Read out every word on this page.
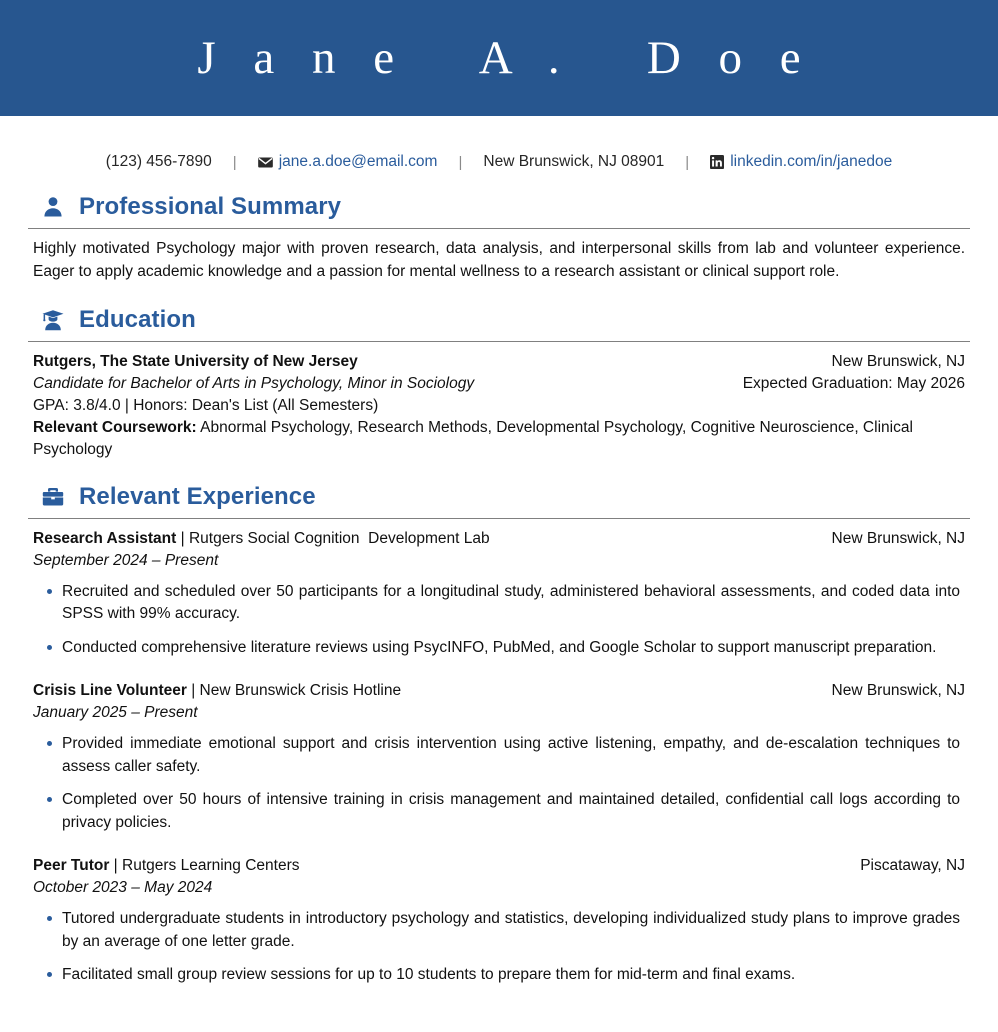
J a n e   A .   D o e
(123) 456-7890	|	jane.a.doe@email.com	|	New Brunswick, NJ 08901	|	linkedin.com/in/janedoe
Professional Summary
Highly motivated Psychology major with proven research, data analysis, and interpersonal skills from lab and volunteer experience. Eager to apply academic knowledge and a passion for mental wellness to a research assistant or clinical support role.
Education
Rutgers, The State University of New Jersey	New Brunswick, NJ
Candidate for Bachelor of Arts in Psychology, Minor in Sociology	Expected Graduation: May 2026
GPA: 3.8/4.0 | Honors: Dean's List (All Semesters)
Relevant Coursework: Abnormal Psychology, Research Methods, Developmental Psychology, Cognitive Neuroscience, Clinical Psychology
Relevant Experience
Research Assistant | Rutgers Social Cognition  Development Lab	New Brunswick, NJ
September 2024 – Present
Recruited and scheduled over 50 participants for a longitudinal study, administered behavioral assessments, and coded data into SPSS with 99% accuracy.
Conducted comprehensive literature reviews using PsycINFO, PubMed, and Google Scholar to support manuscript preparation.
Crisis Line Volunteer | New Brunswick Crisis Hotline	New Brunswick, NJ
January 2025 – Present
Provided immediate emotional support and crisis intervention using active listening, empathy, and de-escalation techniques to assess caller safety.
Completed over 50 hours of intensive training in crisis management and maintained detailed, confidential call logs according to privacy policies.
Peer Tutor | Rutgers Learning Centers	Piscataway, NJ
October 2023 – May 2024
Tutored undergraduate students in introductory psychology and statistics, developing individualized study plans to improve grades by an average of one letter grade.
Facilitated small group review sessions for up to 10 students to prepare them for mid-term and final exams.
